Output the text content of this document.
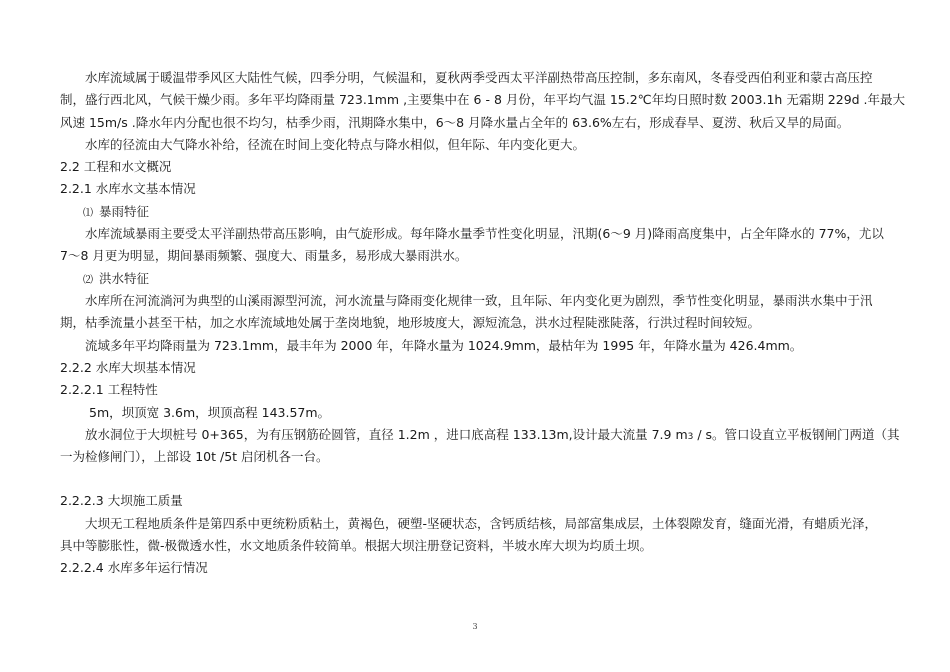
水库流域属于暖温带季风区大陆性气候，四季分明，气候温和，夏秋两季受西太平洋副热带高压控制，多东南风，冬春受西伯利亚和蒙古高压控
制，盛行西北风，气候干燥少雨。多年平均降雨量 723.1mm ,主要集中在 6 - 8 月份，年平均气温 15.2℃年均日照时数 2003.1h 无霜期 229d .年最大
风速 15m/s .降水年内分配也很不均匀，枯季少雨，汛期降水集中，6～8 月降水量占全年的 63.6%左右，形成春旱、夏涝、秋后又旱的局面。
水库的径流由大气降水补给，径流在时间上变化特点与降水相似，但年际、年内变化更大。
2.2 工程和水文概况
2.2.1 水库水文基本情况
⑴ 暴雨特征
水库流域暴雨主要受太平洋副热带高压影响，由气旋形成。每年降水量季节性变化明显，汛期(6～9 月)降雨高度集中，占全年降水的 77%，尤以
7～8 月更为明显，期间暴雨频繁、强度大、雨量多，易形成大暴雨洪水。
⑵ 洪水特征
水库所在河流淌河为典型的山溪雨源型河流，河水流量与降雨变化规律一致，且年际、年内变化更为剧烈，季节性变化明显，暴雨洪水集中于汛
期，枯季流量小甚至干枯，加之水库流域地处属于垄岗地貌，地形坡度大，源短流急，洪水过程陡涨陡落，行洪过程时间较短。
流域多年平均降雨量为 723.1mm，最丰年为 2000 年，年降水量为 1024.9mm，最枯年为 1995 年，年降水量为 426.4mm。
2.2.2 水库大坝基本情况
2.2.2.1 工程特性
5m，坝顶宽 3.6m，坝顶高程 143.57m。
放水洞位于大坝桩号 0+365，为有压钢筋砼圆管，直径 1.2m ，进口底高程 133.13m,设计最大流量 7.9 m3 / s。管口设直立平板钢闸门两道（其
一为检修闸门），上部设 10t /5t 启闭机各一台。
2.2.2.3 大坝施工质量
大坝无工程地质条件是第四系中更统粉质粘土，黄褐色，硬塑-坚硬状态，含钙质结核，局部富集成层，土体裂隙发育，缝面光滑，有蜡质光泽，
具中等膨胀性，微-极微透水性，水文地质条件较简单。根据大坝注册登记资料，半坡水库大坝为均质土坝。
2.2.2.4 水库多年运行情况
3
